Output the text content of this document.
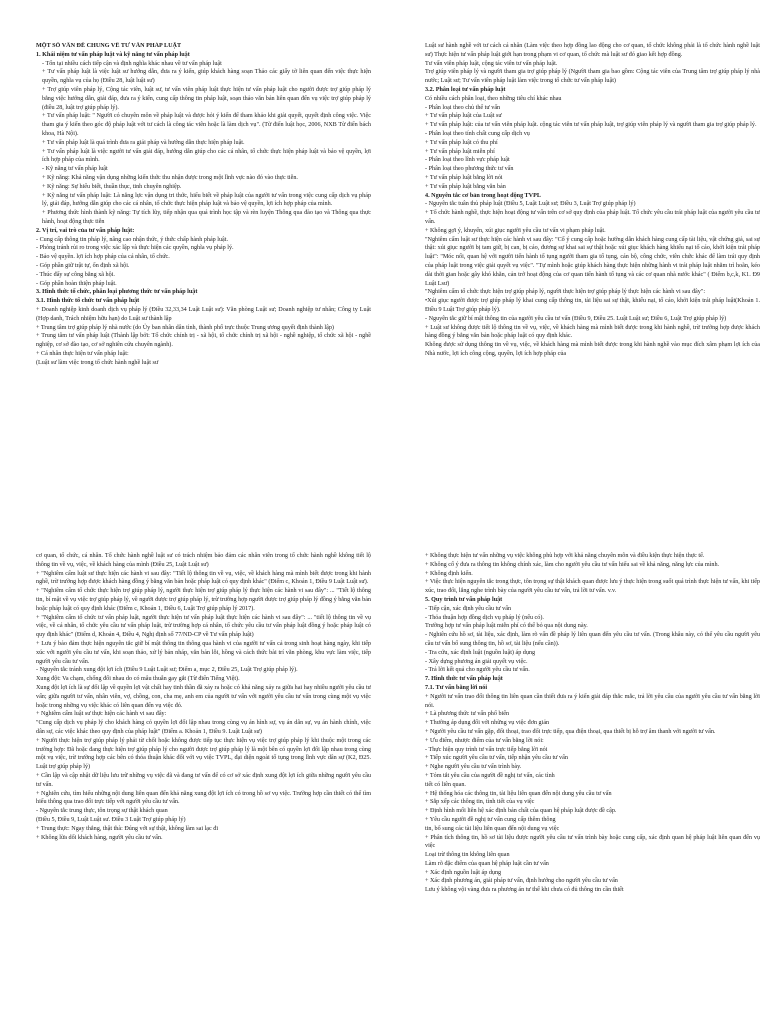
MỘT SỐ VẤN ĐỀ CHUNG VỀ TƯ VẤN PHÁP LUẬT

1. Khái niệm tư vấn pháp luật và kỹ năng tư vấn pháp luật

- Tổn tại nhiều cách tiếp cận và định nghĩa khác nhau về tư vấn pháp luật

+ Tư vấn pháp luật là việc luật sư hướng dẫn, đưa ra ý kiến, giúp khách hàng soạn Thảo các giấy tờ liên quan đến việc thực hiện quyền, nghĩa vụ của họ (Điều 28, luật luật sư)

+ Trợ giúp viên pháp lý, Cộng tác viên, luật sư, tư vấn viên pháp luật thực hiện tư vấn pháp luật cho người được trợ giúp pháp lý bằng việc hướng dẫn, giải đáp, đưa ra ý kiến, cung cấp thông tin pháp luật, soạn thảo văn bản liên quan đến vụ việc trợ giúp pháp lý (điều 28, luật trợ giúp pháp lý).

+ Tư vấn pháp luật: " Người có chuyên môn về pháp luật và được hỏi ý kiến để tham khảo khi giải quyết, quyết định công việc. Việc tham gia ý kiến theo góc độ pháp luật với tư cách là công tác viên hoặc là làm dịch vụ". (Từ điển luật học, 2006, NXB Từ điển bách khoa, Hà Nội).

+ Tư vấn pháp luật là quá trình đưa ra giải pháp và hướng dẫn thực hiện pháp luật.

+ Tư vấn pháp luật là việc người tư vấn giải đáp, hướng dẫn giúp cho các cá nhân, tổ chức thực hiện pháp luật và bảo vệ quyền, lợi ích hợp pháp của mình.

- Kỹ năng tư vấn pháp luật

+ Kỹ năng: Khả năng vận dụng những kiến thức thu nhận được trong một lĩnh vực nào đó vào thực tiễn.

+ Kỹ năng: Sự hiểu biết, thuần thục, tinh chuyên nghiệp.

+ Kỹ năng tư vấn pháp luật: Là năng lực vận dụng tri thức, hiểu biết về pháp luật của người tư vấn trong việc cung cấp dịch vụ pháp lý, giải đáp, hướng dẫn giúp cho các cá nhân, tổ chức thực hiện pháp luật và bảo vệ quyền, lợi ích hợp pháp của mình.

+ Phương thức hình thành kỹ năng: Tự tích lũy, tiếp nhận qua quá trình học tập và rèn luyện Thông qua đào tạo và Thông qua thực hành, hoạt động thực tiễn

2. Vị trí, vai trò của tư vấn pháp luật:

- Cung cấp thông tin pháp lý, nâng cao nhận thức, ý thức chấp hành pháp luật.

- Phòng tránh rủi ro trong việc xác lập và thực hiện các quyền, nghĩa vụ pháp lý.

- Bảo vệ quyền. lợi ích hợp pháp của cá nhân, tổ chức.

- Góp phần giữ trật tự, ổn định xã hội.

- Thúc đẩy sự công bằng xã hội.

- Góp phần hoàn thiện pháp luật.

3. Hình thức tổ chức, phân loại phương thức tư vấn pháp luật

3.1. Hình thức tổ chức tư vấn pháp luật

+ Doanh nghiệp kinh doanh dịch vụ pháp lý (Điều 32,33,34 Luật Luật sư): Văn phòng Luật sư; Doanh nghiệp tư nhân; Công ty Luật (Hợp danh, Trách nhiệm hữu hạn) do Luật sư thành lập

+ Trung tâm trợ giúp pháp lý nhà nước (do Ủy ban nhân dân tỉnh, thành phố trực thuộc Trung ương quyết định thành lập)

+ Trung tâm tư vấn pháp luật (Thành lập bởi: Tổ chức chính trị - xã hội, tổ chức chính trị xã hội - nghề nghiệp, tổ chức xã hội - nghề nghiệp, cơ sở đào tạo, cơ sở nghiên cứu chuyên ngành).

+ Cá nhân thực hiện tư vấn pháp luật:

(Luật sư làm việc trong tổ chức hành nghề luật sư

Luật sư hành nghề với tư cách cá nhân (Làm việc theo hợp đồng lao động cho cơ quan, tổ chức không phải là tổ chức hành nghề luật sư) Thực hiện tư vấn pháp luật giới hạn trong phạm vi cơ quan, tổ chức mà luật sư đó giao kết hợp đồng.

Tư vấn viên pháp luật, cộng tác viên tư vấn pháp luật.

Trợ giúp viên pháp lý và người tham gia trợ giúp pháp lý (Người tham gia bao gồm: Cộng tác viên của Trung tâm trợ giúp pháp lý nhà nước; Luật sư; Tư vấn viên pháp luật làm việc trong tổ chức tư vấn pháp luật)

3.2. Phân loại tư vấn pháp luật

Có nhiều cách phân loại, theo những tiêu chí khác nhau

- Phân loại theo chủ thể tư vấn

+ Tư vấn pháp luật của Luật sư

+ Tư vấn pháp luật: của tư vấn viên pháp luật. cộng tác viên tư vấn pháp luật, trợ giúp viên pháp lý và người tham gia trợ giúp pháp lý.

- Phân loại theo tính chất cung cấp dịch vụ

+ Tư vấn pháp luật có thu phí

+ Tư vấn pháp luật miễn phí

- Phân loại theo lĩnh vực pháp luật

- Phân loại theo phương thức tư vấn

+ Tư vấn pháp luật bằng lời nói

+ Tư vấn pháp luật bằng văn bản

4. Nguyên tắc cơ bản trong hoạt động TVPL

- Nguyên tắc tuân thủ pháp luật (Điều 5, Luật Luật sư; Điều 3, Luật Trợ giúp pháp lý)

+ Tổ chức hành nghề, thực hiện hoạt động tư vấn trên cơ sở quy định của pháp luật. Tổ chức yêu cầu trái pháp luật của người yêu cầu tư vấn.

+ Không gợi ý, khuyến, xúi giục người yêu cầu tư vấn vi phạm pháp luật.

"Nghiêm cấm luật sư thực hiện các hành vi sau đây: "Cố ý cung cấp hoặc hướng dẫn khách hàng cung cấp tài liệu, vật chứng giả, sai sự thật: xúi giục người bị tam giữ, bị can, bị cáo, đương sự khai sai sự thật hoặc xúi giục khách hàng khiếu nại tố cáo, khởi kiện trái pháp luật": "Móc nối, quan hệ với người tiến hành tố tụng người tham gia tố tụng, cán bộ, công chức, viên chức khác để làm trái quy định của pháp luật trong việc giải quyết vụ việc". "Tự mình hoặc giúp khách hàng thực hiện những hành vi trái pháp luật nhằm trì hoãn, kéo dài thời gian hoặc gây khó khăn, cản trở hoạt động của cơ quan tiến hành tố tụng và các cơ quan nhà nước khác" ( Điểm b,c,k, K1. Đ9 Luật Lsư)

"Nghiêm cấm tổ chức thực hiện trợ giúp pháp lý, người thực hiện trợ giúp pháp lý thực hiện các hành vi sau đây":

•Xúi giục người được trợ giúp pháp lý khai cung cấp thông tin, tài liệu sai sự thật, khiếu nại, tố cáo, khởi kiện trái pháp luật(Khoản 1. Điều 9 Luật Trợ giúp pháp lý).

- Nguyên tắc giữ bí mật thông tin của người yêu cầu tư vấn (Điều 9, Điều 25. Luật Luật sư; Điều 6, Luật Trợ giúp pháp lý)

+ Luật sư không được tiết lộ thông tin về vụ, việc, về khách hàng mà mình biết được trong khi hành nghề, trừ trường hợp được khách hàng đồng ý bằng văn bản hoặc pháp luật có quy định khác.

Không được sử dụng thông tin về vụ, việc, về khách hàng mà mình biết được trong khi hành nghề vào mục đích xâm phạm lợi ích của Nhà nước, lợi ích công cộng, quyền, lợi ích hợp pháp của

cơ quan, tổ chức, cá nhân. Tổ chức hành nghề luật sư có trách nhiệm bảo đảm các nhân viên trong tổ chức hành nghề không tiết lộ thông tin về vụ, việc, về khách hàng của mình (Điều 25, Luật Luật sư)

+ "Nghiêm cấm luật sư thực hiện các hành vi sau đây: "Tiết lộ thông tin về vụ, việc, về khách hàng mà mình biết được trong khi hành nghề, trừ trường hợp được khách hàng đồng ý bằng văn bản hoặc pháp luật có quy định khác" (Điểm c, Khoản 1, Điều 9 Luật Luật sư).

+ "Nghiêm cấm tổ chức thực hiện trợ giúp pháp lý, người thực hiện trợ giúp pháp lý thực hiện các hành vi sau đây": ... "Tiết lộ thông tin, bí mật về vụ việc trợ giúp pháp lý, về người được trợ giúp pháp lý, trừ trường hợp người được trợ giúp pháp lý đồng ý bằng văn bản hoặc pháp luật có quy định khác (Điểm c, Khoản 1, Điều 6, Luật Trợ giúp pháp lý 2017).

+ "Nghiêm cấm tổ chức tư vấn pháp luật, người thực hiện tư vấn pháp luật thực hiện các hành vi sau đây": ... "tiết lộ thông tin về vụ việc, về cá nhân, tổ chức yêu cầu tư vấn pháp luật, trừ trường hợp cá nhân, tổ chức yêu cầu tư vấn pháp luật đồng ý hoặc pháp luật có quy định khác" (Điểm d, Khoản 4, Điều 4, Nghị định số 77/ND-CP về Tư vấn pháp luật)

+ Lưu ý bảo đảm thực hiện nguyên tắc giữ bí mật thông tin thông qua hành vi của người tư vấn cả trong sinh hoạt hàng ngày, khi tiếp xúc với người yêu cầu tư vấn, khi soạn thảo, xử lý bản nháp, văn bản lỗi, hồng và cách thức bài trí văn phòng, khu vực làm việc, tiếp người yêu cầu tư vấn.

- Nguyên tắc tránh xung đột lợi ích (Điều 9 Luật Luật sư; Điểm a, mục 2, Điều 25, Luật Trợ giúp pháp lý).

Xung đột: Va chạm, chống đối nhau do có mâu thuẫn gay gắt (Từ điển Tiếng Việt).

Xung đột lợi ích là sự đối lập về quyền lợi vật chất hay tinh thần đã xảy ra hoặc có khả năng xảy ra giữa hai hay nhiều người yêu cầu tư vấn; giữa người tư vấn, nhân viên, vợ, chồng, con, cha mẹ, anh em của người tư vấn với người yêu cầu tư vấn trong cùng một vụ việc hoặc trong những vụ việc khác có liên quan đến vụ việc đó.

+ Nghiêm cấm luật sư thực hiện các hành vi sau đây:

"Cung cấp dịch vụ pháp lý cho khách hàng có quyền lợi đối lập nhau trong cùng vụ án hình sự, vụ án dân sự, vụ án hành chính, việc dân sự, các việc khác theo quy định của pháp luật" (Điểm a. Khoản 1, Điều 9. Luật Luật sư)

+ Người thực hiện trợ giúp pháp lý phải từ chối hoặc không được tiếp tục thực hiện vụ việc trợ giúp pháp lý khi thuộc một trong các trường hợp: Đã hoặc đang thực hiện trợ giúp pháp lý cho người được trợ giúp pháp lý là một bên có quyền lợi đối lập nhau trong cùng một vụ việc, trừ trường hợp các bên có thỏa thuận khác đối với vụ việc TVPL, đại diện ngoài tố tụng trong lĩnh vực dân sự (K2, Đ25. Luật trợ giúp pháp lý)

+ Cần lập và cập nhật dữ liệu lưu trữ những vụ việc đã và đang tư vấn để có cơ sở xác định xung đột lợi ích giữa những người yêu cầu tư vấn.

+ Nghiên cứu, tìm hiểu những nội dung liên quan đến khả năng xung đột lợi ích có trong hồ sơ vụ việc. Trường hợp cần thiết có thể tìm hiểu thông qua trao đổi trực tiếp với người yêu cầu tư vấn.

- Nguyên tắc trung thực, tôn trọng sự thật khách quan

(Điều 5, Điều 9, Luật Luật sư. Điều 3 Luật Trợ giúp pháp lý)

+ Trung thực: Ngay thẳng, thật thà: Đúng với sự thật, không làm sai lạc đi

+ Không lừa dối khách hàng, người yêu cầu tư vấn.

+ Không thực hiện tư vấn những vụ việc không phù hợp với khả năng chuyên môn và điều kiện thực hiện thực tế.

+ Không cố ý đưa ra thông tin không chính xác, làm cho người yêu cầu tư vấn hiểu sai về khả năng, năng lực của mình.

+ Không định kiến.

+ Việc thực hiện nguyên tắc trong thực, tôn trọng sự thật khách quan được lưu ý thực hiện trong suốt quá trình thực hiện tư vấn, khi tiếp xúc, trao đổi, lắng nghe trình bày của người yêu cầu tư vấn, trả lời tư vấn. v.v.

5. Quy trình tư vấn pháp luật

- Tiếp cận, xác định yêu cầu tư vấn

- Thỏa thuận hợp đồng dịch vụ pháp lý (nếu có).

Trường hợp tư vấn pháp luật miễn phí có thể bỏ qua nội dung này.

- Nghiên cứu hồ sơ, tài liệu, xác định, làm rõ vấn đề pháp lý liên quan đến yêu cầu tư vấn. (Trong khâu này, có thể yêu cầu người yêu cầu tư vấn bổ sung thông tin, hồ sơ, tài liệu (nếu cần)).

- Tra cứu, xác định luật (nguồn luật) áp dụng

- Xây dựng phương án giải quyết vụ việc.

- Trả lời kết quả cho người yêu cầu tư vấn.

7. Hình thức tư vấn pháp luật

7.1. Tư vấn bằng lời nói

+ Người tư vấn trao đổi thông tin liên quan cần thiết đưa ra ý kiến giải đáp thắc mắc, trả lời yêu cầu của người yêu cầu tư vấn bằng lời nói.

+ Là phương thức tư vấn phổ biến

+ Thường áp dụng đối với những vụ việc đơn giản

+ Người yêu cầu tư vấn gặp, đối thoại, trao đổi trực tiếp, qua điện thoại, qua thiết bị hỗ trợ âm thanh với người tư vấn.

+ Ưu điểm, nhược điểm của tư vấn bằng lời nói:

- Thực hiện quy trình tư vấn trực tiếp bằng lời nói

+ Tiếp xúc người yêu cầu tư vấn, tiếp nhận yêu cầu tư vấn

+ Nghe người yêu cầu tư vấn trình bày.

+ Tóm tắt yêu cầu của người đề nghị tư vấn, các tình

tiết có liên quan.

+ Hệ thống hóa các thông tin, tài liệu liên quan đến nội dung yêu cầu tư vấn

+ Sắp xếp các thông tin, tình tiết của vụ việc

+ Định hình mối liên hệ xác định bản chất của quan hệ pháp luật được đề cập.

+ Yêu cầu người đề nghị tư vấn cung cấp thêm thông

tin, bổ sung các tài liệu liên quan đến nội dung vụ việc

+ Phân tích thông tin, hồ sơ tài liệu được người yêu cầu tư vấn trình bày hoặc cung cấp, xác định quan hệ pháp luật liên quan đến vụ việc

Loại trừ thông tin không liên quan

Làm rõ đặc điểm của quan hệ pháp luật cần tư vấn

+ Xác định nguồn luật áp dụng

+ Xác định phương án, giải pháp tư vấn, định hướng cho người yêu cầu tư vấn

Lưu ý không vội vàng đưa ra phương án tư thế khi chưa có đủ thông tin cần thiết
